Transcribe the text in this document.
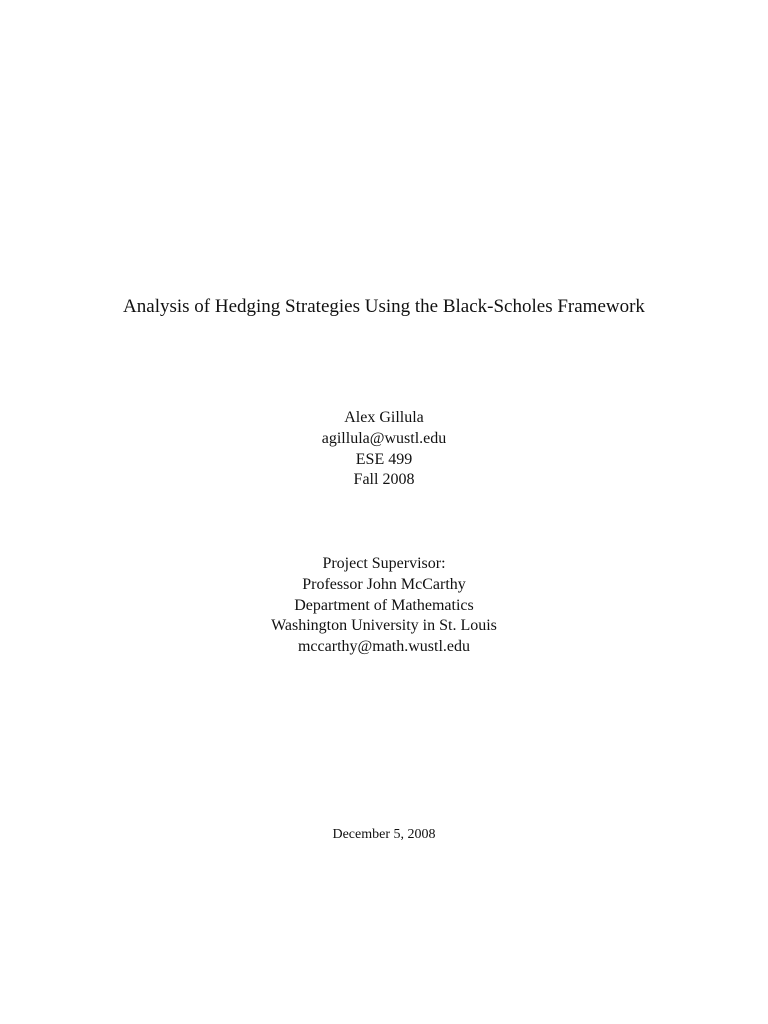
Analysis of Hedging Strategies Using the Black-Scholes Framework
Alex Gillula
agillula@wustl.edu
ESE 499
Fall 2008
Project Supervisor:
Professor John McCarthy
Department of Mathematics
Washington University in St. Louis
mccarthy@math.wustl.edu
December 5, 2008
